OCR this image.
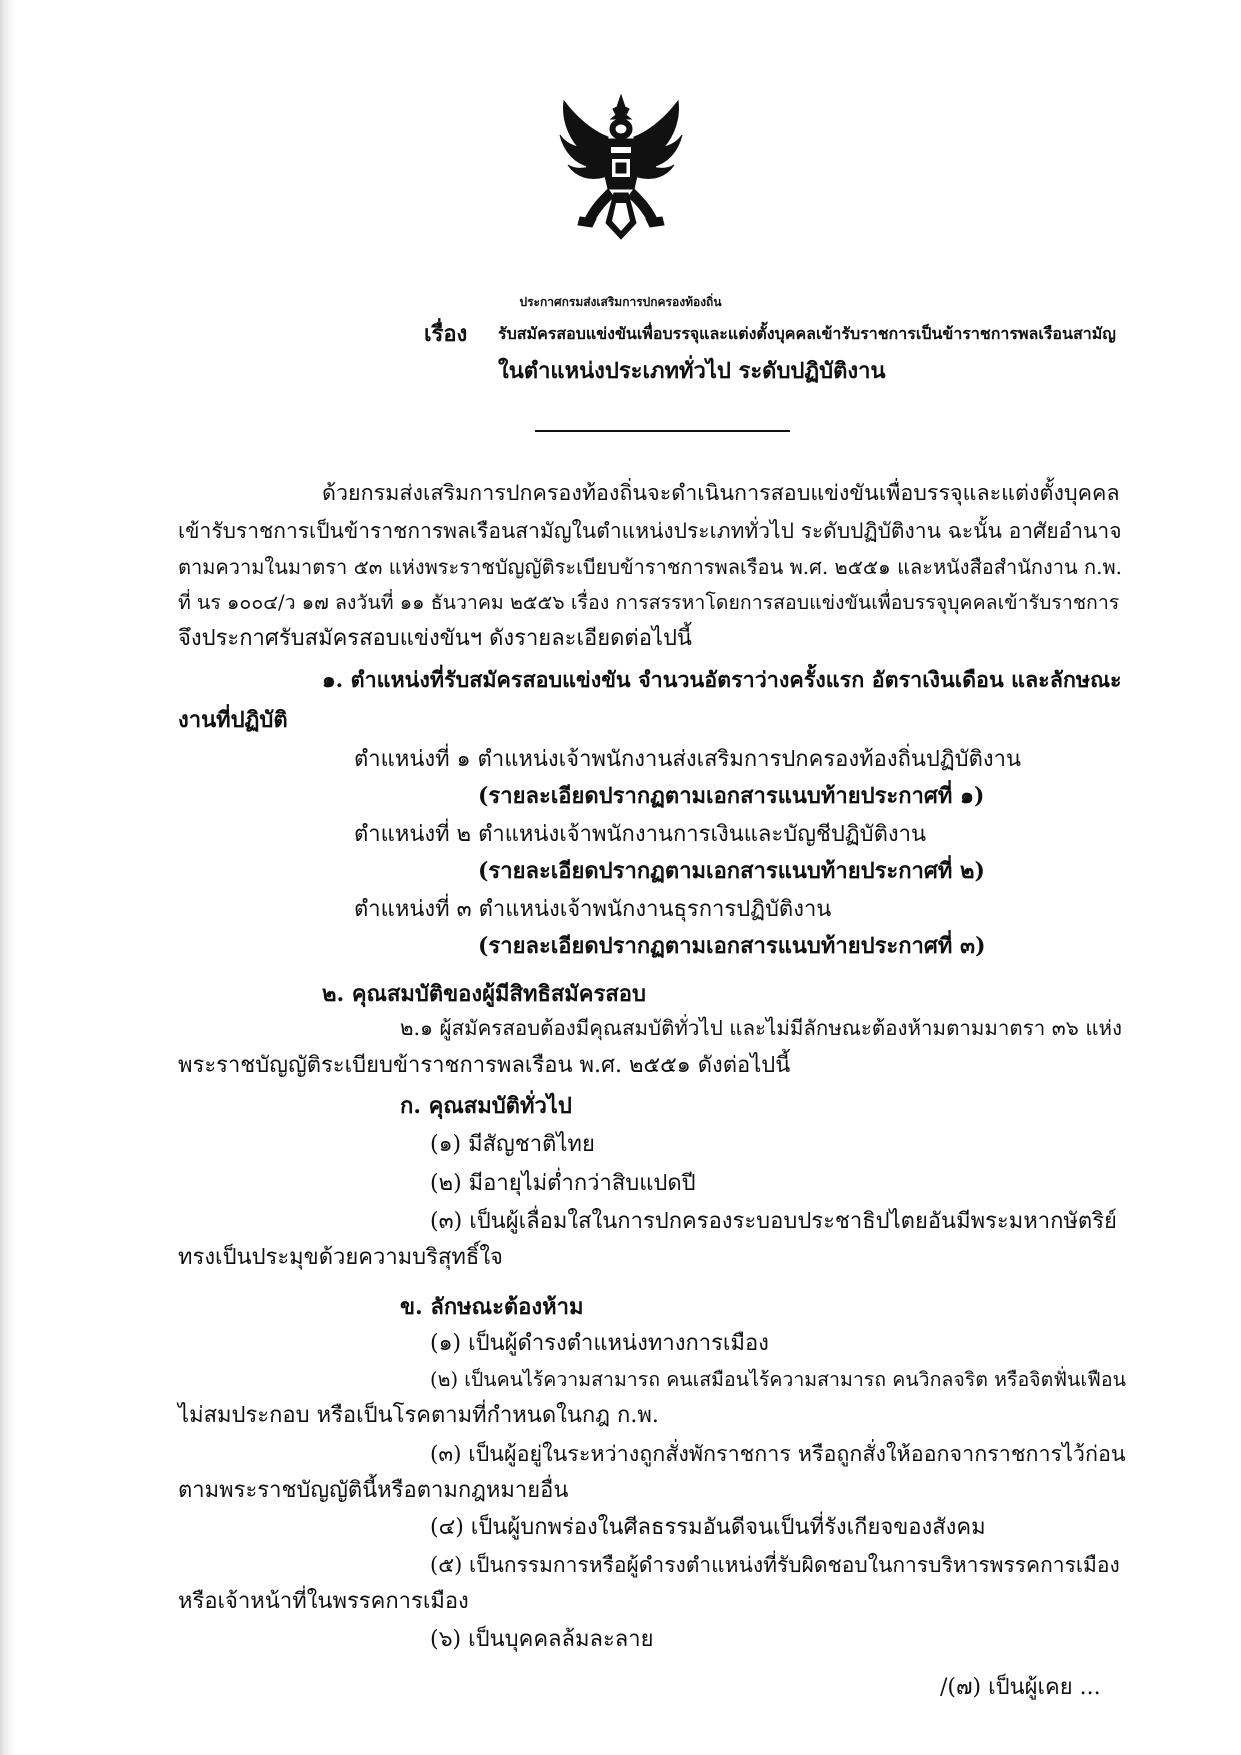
ประกาศกรมส่งเสริมการปกครองท้องถิ่น
เรื่อง รับสมัครสอบแข่งขันเพื่อบรรจุและแต่งตั้งบุคคลเข้ารับราชการเป็นข้าราชการพลเรือนสามัญ
ในตำแหน่งประเภททั่วไป ระดับปฏิบัติงาน
ด้วยกรมส่งเสริมการปกครองท้องถิ่นจะดำเนินการสอบแข่งขันเพื่อบรรจุและแต่งตั้งบุคคล
เข้ารับราชการเป็นข้าราชการพลเรือนสามัญในตำแหน่งประเภททั่วไป ระดับปฏิบัติงาน ฉะนั้น อาศัยอำนาจ
ตามความในมาตรา ๕๓ แห่งพระราชบัญญัติระเบียบข้าราชการพลเรือน พ.ศ. ๒๕๕๑ และหนังสือสำนักงาน ก.พ.
ที่ นร ๑๐๐๔/ว ๑๗ ลงวันที่ ๑๑ ธันวาคม ๒๕๕๖ เรื่อง การสรรหาโดยการสอบแข่งขันเพื่อบรรจุบุคคลเข้ารับราชการ
จึงประกาศรับสมัครสอบแข่งขันฯ ดังรายละเอียดต่อไปนี้
๑. ตำแหน่งที่รับสมัครสอบแข่งขัน จำนวนอัตราว่างครั้งแรก อัตราเงินเดือน และลักษณะ
งานที่ปฏิบัติ
ตำแหน่งที่ ๑ ตำแหน่งเจ้าพนักงานส่งเสริมการปกครองท้องถิ่นปฏิบัติงาน
(รายละเอียดปรากฏตามเอกสารแนบท้ายประกาศที่ ๑)
ตำแหน่งที่ ๒ ตำแหน่งเจ้าพนักงานการเงินและบัญชีปฏิบัติงาน
(รายละเอียดปรากฏตามเอกสารแนบท้ายประกาศที่ ๒)
ตำแหน่งที่ ๓ ตำแหน่งเจ้าพนักงานธุรการปฏิบัติงาน
(รายละเอียดปรากฏตามเอกสารแนบท้ายประกาศที่ ๓)
๒. คุณสมบัติของผู้มีสิทธิสมัครสอบ
๒.๑ ผู้สมัครสอบต้องมีคุณสมบัติทั่วไป และไม่มีลักษณะต้องห้ามตามมาตรา ๓๖ แห่ง
พระราชบัญญัติระเบียบข้าราชการพลเรือน พ.ศ. ๒๕๕๑ ดังต่อไปนี้
ก. คุณสมบัติทั่วไป
(๑) มีสัญชาติไทย
(๒) มีอายุไม่ต่ำกว่าสิบแปดปี
(๓) เป็นผู้เลื่อมใสในการปกครองระบอบประชาธิปไตยอันมีพระมหากษัตริย์
ทรงเป็นประมุขด้วยความบริสุทธิ์ใจ
ข. ลักษณะต้องห้าม
(๑) เป็นผู้ดำรงตำแหน่งทางการเมือง
(๒) เป็นคนไร้ความสามารถ คนเสมือนไร้ความสามารถ คนวิกลจริต หรือจิตฟั่นเฟือน
ไม่สมประกอบ หรือเป็นโรคตามที่กำหนดในกฎ ก.พ.
(๓) เป็นผู้อยู่ในระหว่างถูกสั่งพักราชการ หรือถูกสั่งให้ออกจากราชการไว้ก่อน
ตามพระราชบัญญัตินี้หรือตามกฎหมายอื่น
(๔) เป็นผู้บกพร่องในศีลธรรมอันดีจนเป็นที่รังเกียจของสังคม
(๕) เป็นกรรมการหรือผู้ดำรงตำแหน่งที่รับผิดชอบในการบริหารพรรคการเมือง
หรือเจ้าหน้าที่ในพรรคการเมือง
(๖) เป็นบุคคลล้มละลาย
/(๗) เป็นผู้เคย ...
